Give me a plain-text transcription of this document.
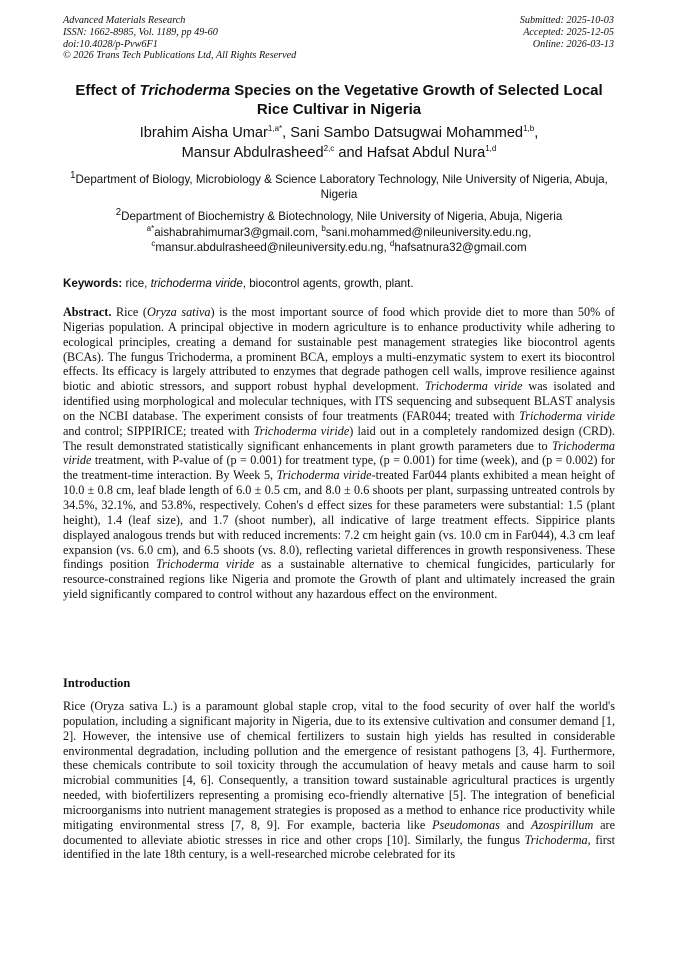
Advanced Materials Research
ISSN: 1662-8985, Vol. 1189, pp 49-60
doi:10.4028/p-Pvw6F1
© 2026 Trans Tech Publications Ltd, All Rights Reserved
Submitted: 2025-10-03
Accepted: 2025-12-05
Online: 2026-03-13
Effect of Trichoderma Species on the Vegetative Growth of Selected Local Rice Cultivar in Nigeria
Ibrahim Aisha Umar$^{1,a*}$, Sani Sambo Datsugwai Mohammed$^{1,b}$,
Mansur Abdulrasheed$^{2,c}$ and Hafsat Abdul Nura$^{1,d}$
$^1$Department of Biology, Microbiology & Science Laboratory Technology, Nile University of Nigeria, Abuja, Nigeria
$^2$Department of Biochemistry & Biotechnology, Nile University of Nigeria, Abuja, Nigeria
$^{a*}$aishabrahimumar3@gmail.com, $^b$sani.mohammed@nileuniversity.edu.ng,
$^c$mansur.abdulrasheed@nileuniversity.edu.ng, $^d$hafsatnura32@gmail.com
Keywords: rice, trichoderma viride, biocontrol agents, growth, plant.

Abstract. Rice (Oryza sativa) is the most important source of food which provide diet to more than 50% of Nigerias population. A principal objective in modern agriculture is to enhance productivity while adhering to ecological principles, creating a demand for sustainable pest management strategies like biocontrol agents (BCAs). The fungus Trichoderma, a prominent BCA, employs a multi-enzymatic system to exert its biocontrol effects. Its efficacy is largely attributed to enzymes that degrade pathogen cell walls, improve resilience against biotic and abiotic stressors, and support robust hyphal development. Trichoderma viride was isolated and identified using morphological and molecular techniques, with ITS sequencing and subsequent BLAST analysis on the NCBI database. The experiment consists of four treatments (FAR044; treated with Trichoderma viride and control; SIPPIRICE; treated with Trichoderma viride) laid out in a completely randomized design (CRD). The result demonstrated statistically significant enhancements in plant growth parameters due to Trichoderma viride treatment, with P-value of (p = 0.001) for treatment type, (p = 0.001) for time (week), and (p = 0.002) for the treatment-time interaction. By Week 5, Trichoderma viride-treated Far044 plants exhibited a mean height of 10.0 ± 0.8 cm, leaf blade length of 6.0 ± 0.5 cm, and 8.0 ± 0.6 shoots per plant, surpassing untreated controls by 34.5%, 32.1%, and 53.8%, respectively. Cohen's d effect sizes for these parameters were substantial: 1.5 (plant height), 1.4 (leaf size), and 1.7 (shoot number), all indicative of large treatment effects. Sippirice plants displayed analogous trends but with reduced increments: 7.2 cm height gain (vs. 10.0 cm in Far044), 4.3 cm leaf expansion (vs. 6.0 cm), and 6.5 shoots (vs. 8.0), reflecting varietal differences in growth responsiveness. These findings position Trichoderma viride as a sustainable alternative to chemical fungicides, particularly for resource-constrained regions like Nigeria and promote the Growth of plant and ultimately increased the grain yield significantly compared to control without any hazardous effect on the environment.

Introduction

Rice (Oryza sativa L.) is a paramount global staple crop, vital to the food security of over half the world's population, including a significant majority in Nigeria, due to its extensive cultivation and consumer demand [1, 2]. However, the intensive use of chemical fertilizers to sustain high yields has resulted in considerable environmental degradation, including pollution and the emergence of resistant pathogens [3, 4]. Furthermore, these chemicals contribute to soil toxicity through the accumulation of heavy metals and cause harm to soil microbial communities [4, 6]. Consequently, a transition toward sustainable agricultural practices is urgently needed, with biofertilizers representing a promising eco-friendly alternative [5]. The integration of beneficial microorganisms into nutrient management strategies is proposed as a method to enhance rice productivity while mitigating environmental stress [7, 8, 9]. For example, bacteria like Pseudomonas and Azospirillum are documented to alleviate abiotic stresses in rice and other crops [10]. Similarly, the fungus Trichoderma, first identified in the late 18th century, is a well-researched microbe celebrated for its
